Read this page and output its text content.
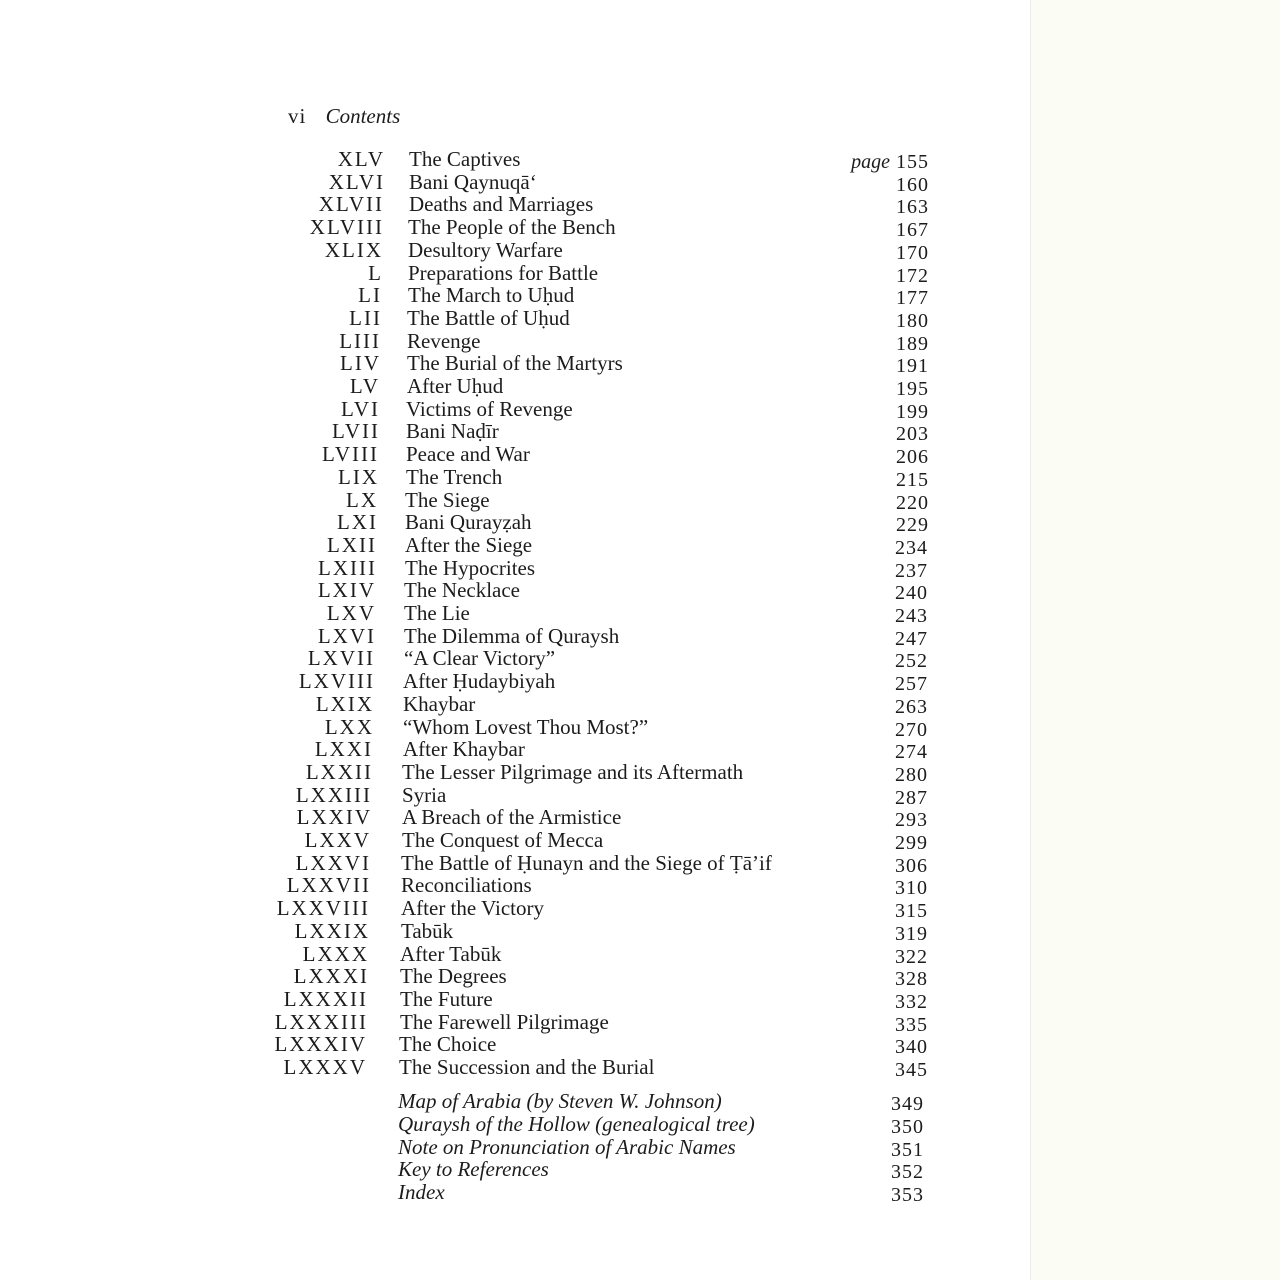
vi Contents
XLV The Captives	page 155
XLVI Bani Qaynuqā‘	160
XLVII Deaths and Marriages	163
XLVIII The People of the Bench	167
XLIX Desultory Warfare	170
L Preparations for Battle	172
LI The March to Uḥud	177
LII The Battle of Uḥud	180
LIII Revenge	189
LIV The Burial of the Martyrs	191
LV After Uḥud	195
LVI Victims of Revenge	199
LVII Bani Naḍīr	203
LVIII Peace and War	206
LIX The Trench	215
LX The Siege	220
LXI Bani Qurayẓah	229
LXII After the Siege	234
LXIII The Hypocrites	237
LXIV The Necklace	240
LXV The Lie	243
LXVI The Dilemma of Quraysh	247
LXVII “A Clear Victory”	252
LXVIII After Ḥudaybiyah	257
LXIX Khaybar	263
LXX “Whom Lovest Thou Most?”	270
LXXI After Khaybar	274
LXXII The Lesser Pilgrimage and its Aftermath	280
LXXIII Syria	287
LXXIV A Breach of the Armistice	293
LXXV The Conquest of Mecca	299
LXXVI The Battle of Ḥunayn and the Siege of Ṭā’if	306
LXXVII Reconciliations	310
LXXVIII After the Victory	315
LXXIX Tabūk	319
LXXX After Tabūk	322
LXXXI The Degrees	328
LXXXII The Future	332
LXXXIII The Farewell Pilgrimage	335
LXXXIV The Choice	340
LXXXV The Succession and the Burial	345
Map of Arabia (by Steven W. Johnson)	349
Quraysh of the Hollow (genealogical tree)	350
Note on Pronunciation of Arabic Names	351
Key to References	352
Index	353
